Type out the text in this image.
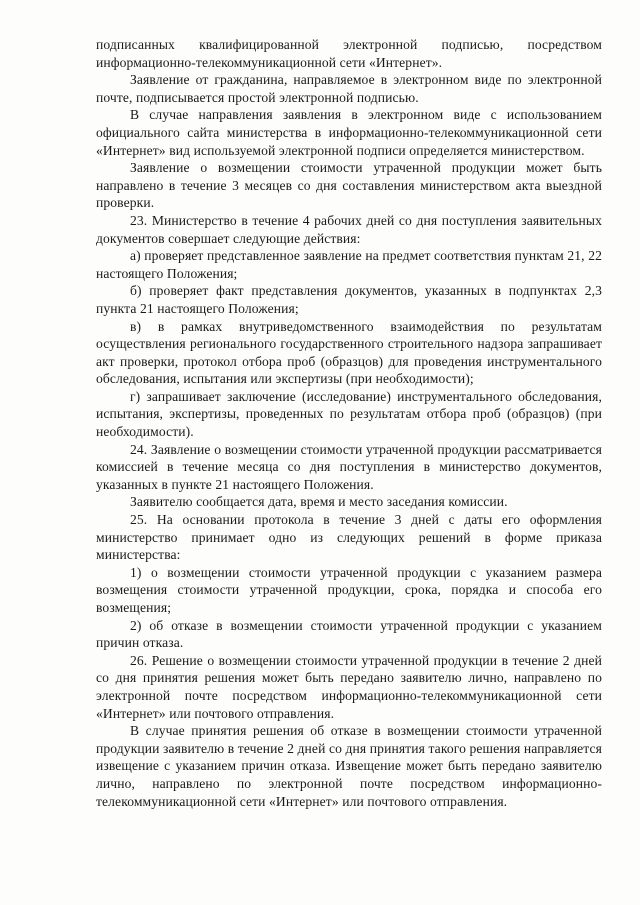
подписанных квалифицированной электронной подписью, посредством информационно-телекоммуникационной сети «Интернет».

Заявление от гражданина, направляемое в электронном виде по электронной почте, подписывается простой электронной подписью.

В случае направления заявления в электронном виде с использованием официального сайта министерства в информационно-телекоммуникационной сети «Интернет» вид используемой электронной подписи определяется министерством.

Заявление о возмещении стоимости утраченной продукции может быть направлено в течение 3 месяцев со дня составления министерством акта выездной проверки.

23. Министерство в течение 4 рабочих дней со дня поступления заявительных документов совершает следующие действия:

а) проверяет представленное заявление на предмет соответствия пунктам 21, 22 настоящего Положения;

б) проверяет факт представления документов, указанных в подпунктах 2,3 пункта 21 настоящего Положения;

в) в рамках внутриведомственного взаимодействия по результатам осуществления регионального государственного строительного надзора запрашивает акт проверки, протокол отбора проб (образцов) для проведения инструментального обследования, испытания или экспертизы (при необходимости);

г) запрашивает заключение (исследование) инструментального обследования, испытания, экспертизы, проведенных по результатам отбора проб (образцов) (при необходимости).

24. Заявление о возмещении стоимости утраченной продукции рассматривается комиссией в течение месяца со дня поступления в министерство документов, указанных в пункте 21 настоящего Положения.

Заявителю сообщается дата, время и место заседания комиссии.

25. На основании протокола в течение 3 дней с даты его оформления министерство принимает одно из следующих решений в форме приказа министерства:

1) о возмещении стоимости утраченной продукции с указанием размера возмещения стоимости утраченной продукции, срока, порядка и способа его возмещения;

2) об отказе в возмещении стоимости утраченной продукции с указанием причин отказа.

26. Решение о возмещении стоимости утраченной продукции в течение 2 дней со дня принятия решения может быть передано заявителю лично, направлено по электронной почте посредством информационно-телекоммуникационной сети «Интернет» или почтового отправления.

В случае принятия решения об отказе в возмещении стоимости утраченной продукции заявителю в течение 2 дней со дня принятия такого решения направляется извещение с указанием причин отказа. Извещение может быть передано заявителю лично, направлено по электронной почте посредством информационно-телекоммуникационной сети «Интернет» или почтового отправления.
